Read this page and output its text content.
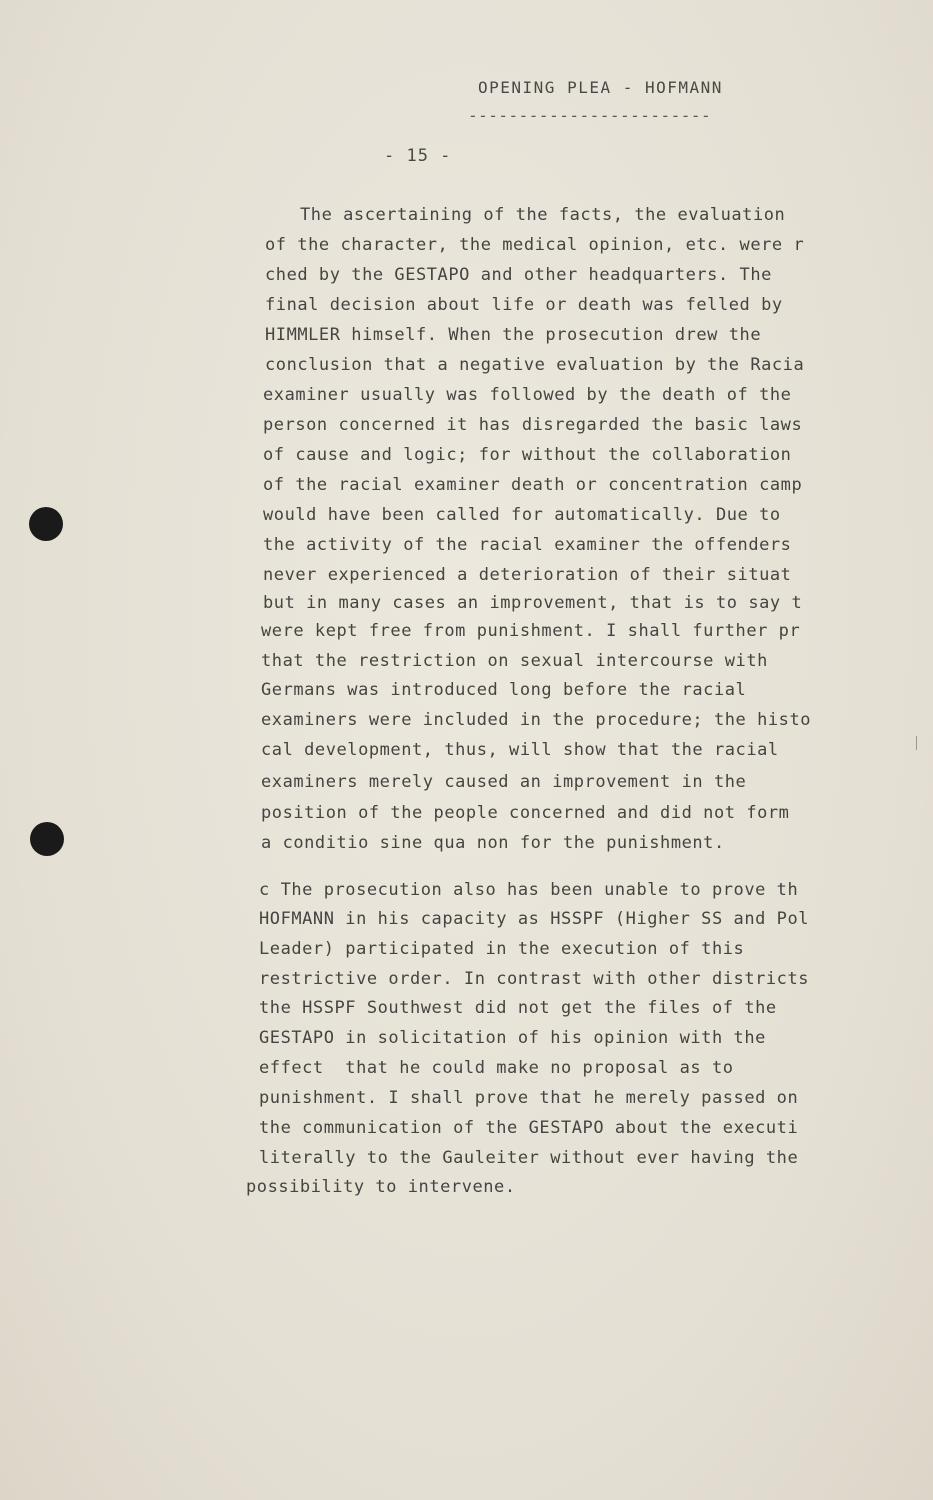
OPENING PLEA - HOFMANN
------------------------
- 15 -
The ascertaining of the facts, the evaluation
of the character, the medical opinion, etc. were r
ched by the GESTAPO and other headquarters. The
final decision about life or death was felled by
HIMMLER himself. When the prosecution drew the
conclusion that a negative evaluation by the Racia
examiner usually was followed by the death of the
person concerned it has disregarded the basic laws
of cause and logic; for without the collaboration
of the racial examiner death or concentration camp
would have been called for automatically. Due to
the activity of the racial examiner the offenders
never experienced a deterioration of their situat
but in many cases an improvement, that is to say t
were kept free from punishment. I shall further pr
that the restriction on sexual intercourse with
Germans was introduced long before the racial
examiners were included in the procedure; the histo
cal development, thus, will show that the racial
examiners merely caused an improvement in the
position of the people concerned and did not form
a conditio sine qua non for the punishment.
c The prosecution also has been unable to prove th
HOFMANN in his capacity as HSSPF (Higher SS and Pol
Leader) participated in the execution of this
restrictive order. In contrast with other districts
the HSSPF Southwest did not get the files of the
GESTAPO in solicitation of his opinion with the
effect  that he could make no proposal as to
punishment. I shall prove that he merely passed on
the communication of the GESTAPO about the executi
literally to the Gauleiter without ever having the
possibility to intervene.
